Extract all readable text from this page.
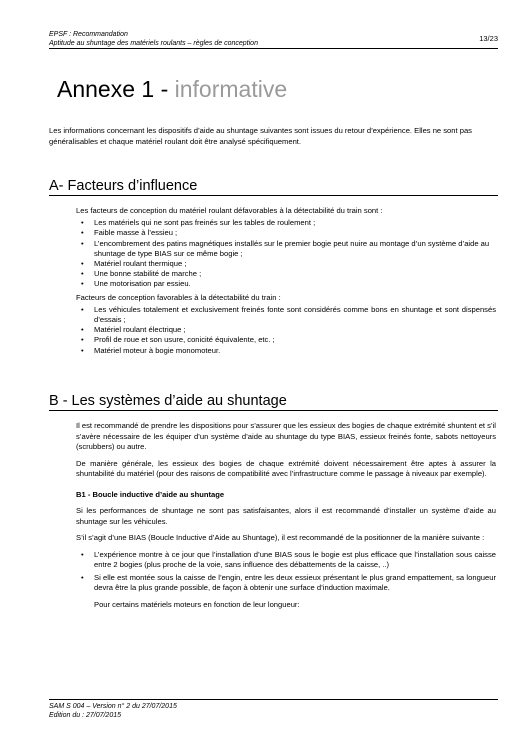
EPSF : Recommandation
Aptitude au shuntage des matériels roulants – règles de conception
13/23
Annexe 1 - informative

Les informations concernant les dispositifs d’aide au shuntage suivantes sont issues du retour d’expérience. Elles ne sont pas généralisables et chaque matériel roulant doit être analysé spécifiquement.

A- Facteurs d’influence

Les facteurs de conception du matériel roulant défavorables à la détectabilité du train sont :

• Les matériels qui ne sont pas freinés sur les tables de roulement ;
• Faible masse à l’essieu ;
• L’encombrement des patins magnétiques installés sur le premier bogie peut nuire au montage d’un système d’aide au shuntage de type BIAS sur ce même bogie ;
• Matériel roulant thermique ;
• Une bonne stabilité de marche ;
• Une motorisation par essieu.

Facteurs de conception favorables à la détectabilité du train :

• Les véhicules totalement et exclusivement freinés fonte sont considérés comme bons en shuntage et sont dispensés d’essais ;
• Matériel roulant électrique ;
• Profil de roue et son usure, conicité équivalente, etc. ;
• Matériel moteur à bogie monomoteur.
B - Les systèmes d’aide au shuntage

Il est recommandé de prendre les dispositions pour s’assurer que les essieux des bogies de chaque extrémité shuntent et s’il s’avère nécessaire de les équiper d’un système d’aide au shuntage du type BIAS, essieux freinés fonte, sabots nettoyeurs (scrubbers) ou autre.

De manière générale, les essieux des bogies de chaque extrémité doivent nécessairement être aptes à assurer la shuntabilité du matériel (pour des raisons de compatibilité avec l’infrastructure comme le passage à niveaux par exemple).

B1 - Boucle inductive d’aide au shuntage

Si les performances de shuntage ne sont pas satisfaisantes, alors il est recommandé d’installer un système d’aide au shuntage sur les véhicules.

S’il s’agit d’une BIAS (Boucle Inductive d’Aide au Shuntage), il est recommandé de la positionner de la manière suivante :

• L’expérience montre à ce jour que l’installation d’une BIAS sous le bogie est plus efficace que l’installation sous caisse entre 2 bogies (plus proche de la voie, sans influence des débattements de la caisse, ..)
• Si elle est montée sous la caisse de l’engin, entre les deux essieux présentant le plus grand empattement, sa longueur devra être la plus grande possible, de façon à obtenir une surface d’induction maximale.

Pour certains matériels moteurs en fonction de leur longueur:

SAM S 004 – Version n° 2 du 27/07/2015
Edition du : 27/07/2015
